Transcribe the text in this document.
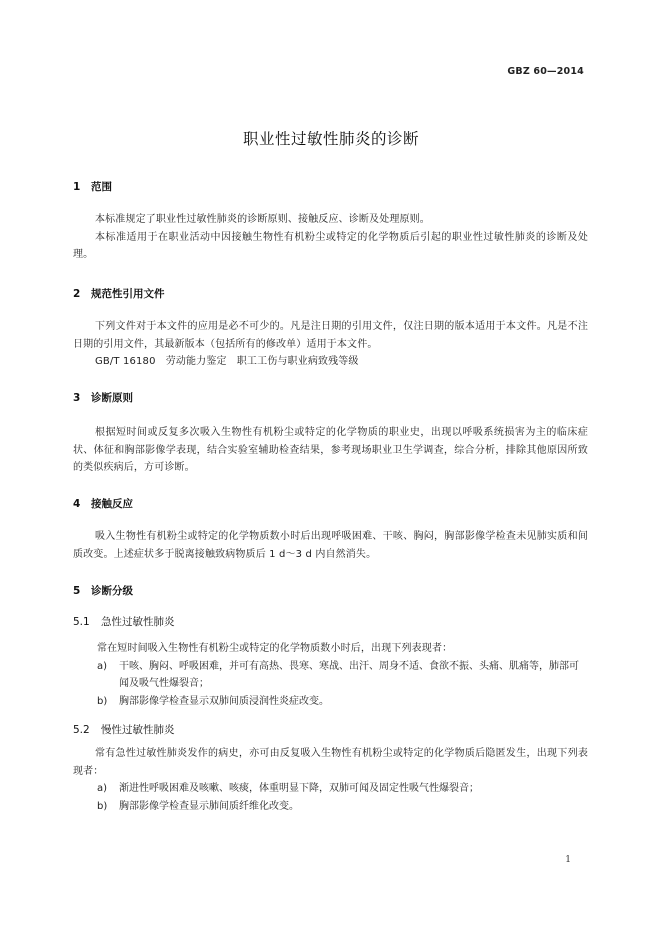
GBZ 60—2014
职业性过敏性肺炎的诊断
1 范围

本标准规定了职业性过敏性肺炎的诊断原则、接触反应、诊断及处理原则。

本标准适用于在职业活动中因接触生物性有机粉尘或特定的化学物质后引起的职业性过敏性肺炎的诊断及处理。

2 规范性引用文件

下列文件对于本文件的应用是必不可少的。凡是注日期的引用文件，仅注日期的版本适用于本文件。凡是不注日期的引用文件，其最新版本（包括所有的修改单）适用于本文件。

GB/T 16180　劳动能力鉴定　职工工伤与职业病致残等级

3 诊断原则

根据短时间或反复多次吸入生物性有机粉尘或特定的化学物质的职业史，出现以呼吸系统损害为主的临床症状、体征和胸部影像学表现，结合实验室辅助检查结果，参考现场职业卫生学调查，综合分析，排除其他原因所致的类似疾病后，方可诊断。

4 接触反应

吸入生物性有机粉尘或特定的化学物质数小时后出现呼吸困难、干咳、胸闷，胸部影像学检查未见肺实质和间质改变。上述症状多于脱离接触致病物质后 1 d～3 d 内自然消失。

5 诊断分级
5.1 急性过敏性肺炎

常在短时间吸入生物性有机粉尘或特定的化学物质数小时后，出现下列表现者：

a) 干咳、胸闷、呼吸困难，并可有高热、畏寒、寒战、出汗、周身不适、食欲不振、头痛、肌痛等，肺部可闻及吸气性爆裂音；

b) 胸部影像学检查显示双肺间质浸润性炎症改变。

5.2 慢性过敏性肺炎

常有急性过敏性肺炎发作的病史，亦可由反复吸入生物性有机粉尘或特定的化学物质后隐匿发生，出现下列表现者：

a) 渐进性呼吸困难及咳嗽、咳痰，体重明显下降，双肺可闻及固定性吸气性爆裂音；

b) 胸部影像学检查显示肺间质纤维化改变。

1
